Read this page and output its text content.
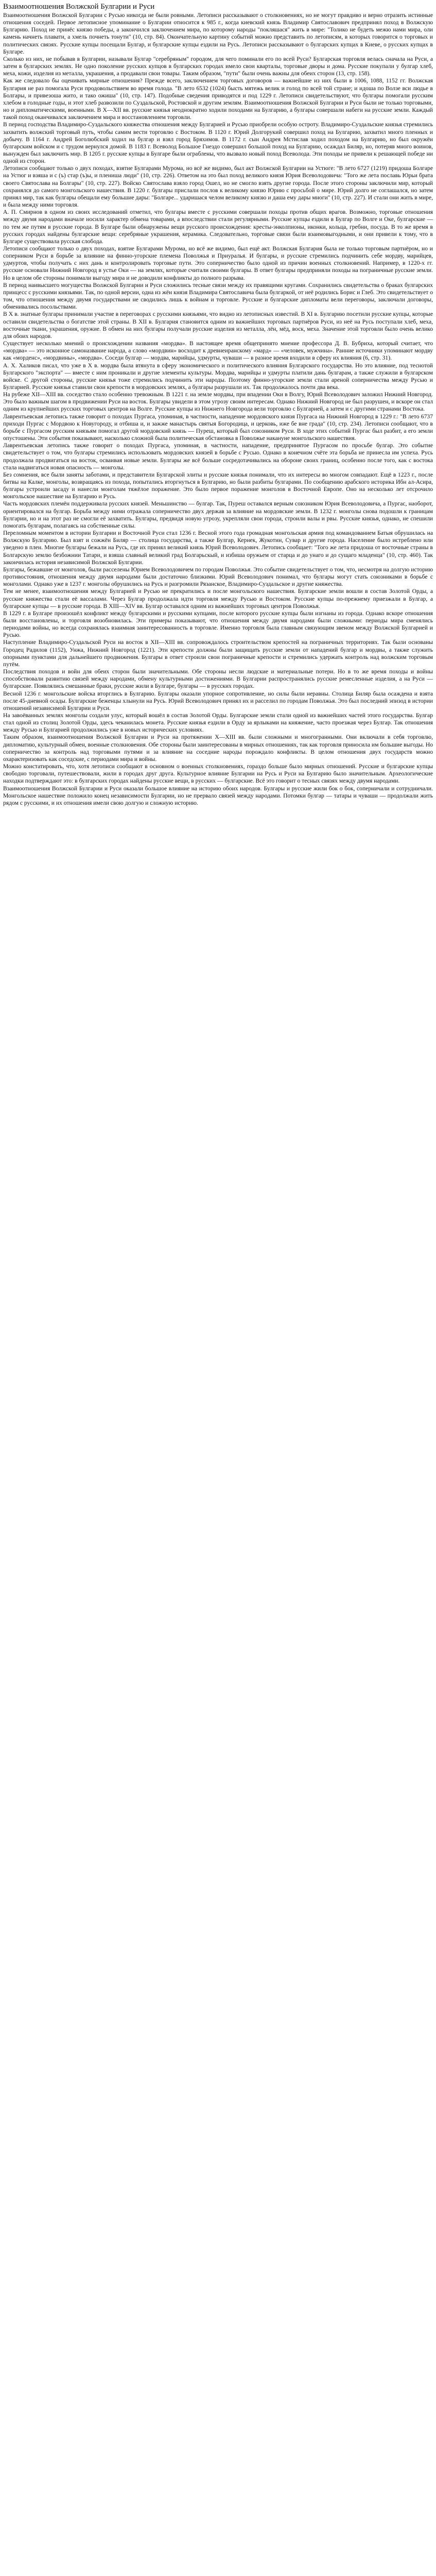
Взаимоотношения Волжской Булгарии и Руси

Взаимоотношения Волжской Булгарии с Русью никогда не были ровными. Летописи рассказывают о столкновениях, но не могут правдиво и верно отразить истинные отношения соседей. Первое летописное упоминание о Булгарии относится к 985 г., когда киевский князь Владимир Святославович предпринял поход в Волжскую Булгарию. Поход не принёс князю победы, а закончился заключением мира, по которому народы "покляшася" жить в мире: "Толико не будеть межю нами мира, оли камень начнеть плавати, а хмель почнеть тонути" (10, стр. 84). Окончательную картину событий можно представить по летописям, в которых говорится о торговых и политических связях. Русские купцы посещали Булгар, и булгарские купцы ездили на Русь. Летописи рассказывают о булгарских купцах в Киеве, о русских купцах в Булгаре.

Сколько из них, не побывав в Булгарии, называли Булгар "серебряным" городом, для чего поминали его по всей Руси? Булгарская торговля велась сначала на Руси, а затем в булгарских землях. Не одно поколение русских купцов в булгарских городах имело свои кварталы, торговые дворы и дома. Русские покупали у булгар хлеб, меха, кожи, изделия из металла, украшения, а продавали свои товары. Таким образом, "пути" были очень важны для обеих сторон (13, стр. 158).

Как же следовало бы оценивать мирные отношения? Прежде всего, заключением торговых договоров — важнейшие из них были в 1006, 1088, 1152 гг. Волжская Булгария не раз помогала Руси продовольствием во время голода. "В лето 6532 (1024) бысть мятежь велик и голод по всей той стране; и идоша по Волзе вси людье в Болгары, и привезоша жито, и тако ожиша" (10, стр. 147). Подобные сведения приводятся и под 1229 г. Летописи свидетельствуют, что булгары помогали русским хлебом в голодные годы, и этот хлеб развозили по Суздальской, Ростовской и другим землям. Взаимоотношения Волжской Булгарии и Руси были не только торговыми, но и дипломатическими, военными. В Х—ХII вв. русские князья неоднократно ходили походами на Булгарию, а булгары совершали набеги на русские земли. Каждый такой поход оканчивался заключением мира и восстановлением торговли.

В период господства Владимиро-Суздальского княжества отношения между Булгарией и Русью приобрели особую остроту. Владимиро-Суздальские князья стремились захватить волжский торговый путь, чтобы самим вести торговлю с Востоком. В 1120 г. Юрий Долгорукий совершил поход на Булгарию, захватил много пленных и добычу. В 1164 г. Андрей Боголюбский ходил на булгар и взял город Бряхимов. В 1172 г. сын Андрея Мстислав ходил походом на Булгарию, но был окружён булгарским войском и с трудом вернулся домой. В 1183 г. Всеволод Большое Гнездо совершил большой поход на Булгарию, осаждал Биляр, но, потеряв много воинов, вынужден был заключить мир. В 1205 г. русские купцы в Булгаре были ограблены, что вызвало новый поход Всеволода. Эти походы не привели к решающей победе ни одной из сторон.

Летописи сообщают только о двух походах, взятие Булгарами Мурома, но всё же видимо, был акт Волжской Булгарии на Устюге: "В лето 6727 (1219) придоша Болгаре на Устюг и взяша и с (ъ) стар (ъ)ы, и плениша люди" (10, стр. 226). Ответом на это был поход великого князя Юрия Всеволодовича: "Того же лета пославь Юрьи брата своего Святослава на Болгары" (10, стр. 227). Войско Святослава взяло город Ошел, но не смогло взять другие города. После этого стороны заключили мир, который сохранялся до самого монгольского нашествия. В 1220 г. булгары прислали послов к великому князю Юрию с просьбой о мире. Юрий долго не соглашался, но затем принял мир, так как булгары обещали ему большие дары: "Болгаре... ударишася челом великому князю и даша ему дары многи" (10, стр. 227). И стали они жить в мире, и была между ними торговля.

А. П. Смирнов в одном из своих исследований отметил, что булгары вместе с русскими совершали походы против общих врагов. Возможно, торговые отношения между двумя народами вначале носили характер обмена товарами, а впоследствии стали регулярными. Русские купцы ездили в Булгар по Волге и Оке, булгарские — по тем же путям в русские города. В Булгаре были обнаружены вещи русского происхождения: кресты-энколпионы, иконки, кольца, гребни, посуда. В то же время в русских городах найдены булгарские вещи: серебряные украшения, керамика. Следовательно, торговые связи были взаимовыгодными, и они привели к тому, что в Булгаре существовала русская слобода.

Летописи сообщают только о двух походах, взятие Булгарами Мурома, но всё же видимо, был ещё акт. Волжская Булгария была не только торговым партнёром, но и соперником Руси в борьбе за влияние на финно-угорские племена Поволжья и Приуралья. И булгары, и русские стремились подчинить себе мордву, марийцев, удмуртов, чтобы получать с них дань и контролировать торговые пути. Это соперничество было одной из причин военных столкновений. Например, в 1220-х гг. русские основали Нижний Новгород в устье Оки — на землях, которые считали своими булгары. В ответ булгары предприняли походы на пограничные русские земли. Но в целом обе стороны понимали выгоду мира и не доводили конфликты до полного разрыва.

В период наивысшего могущества Волжской Булгарии и Руси сложились тесные связи между их правящими кругами. Сохранились свидетельства о браках булгарских принцесс с русскими князьями. Так, по одной версии, одна из жён князя Владимира Святославича была булгаркой, от неё родились Борис и Глеб. Это свидетельствует о том, что отношения между двумя государствами не сводились лишь к войнам и торговле. Русские и булгарские дипломаты вели переговоры, заключали договоры, обменивались посольствами.

В X в. знатные булгары принимали участие в переговорах с русскими князьями, что видно из летописных известий. В XI в. Булгарию посетили русские купцы, которые оставили свидетельства о богатстве этой страны. В XII в. Булгария становится одним из важнейших торговых партнёров Руси, из неё на Русь поступали хлеб, меха, восточные ткани, украшения, оружие. В обмен на них булгары получали русские изделия из металла, лён, мёд, воск, меха. Значение этой торговли было очень велико для обоих народов.

Существует несколько мнений о происхождении названия «мордва». В настоящее время общепринято мнение профессора Д. В. Бубриха, который считает, что «мордва» — это исконное самоназвание народа, а слово «мордвин» восходит к древнеиранскому «мард» — «человек, мужчина». Ранние источники упоминают мордву как «морденс», «мордвины», «мордва». Соседи булгар — мордва, марийцы, удмурты, чуваши — в разное время входили в сферу их влияния (6, стр. 31).

А. Х. Халиков писал, что уже в Х в. мордва была втянута в сферу экономического и политического влияния Булгарского государства. Но это влияние, под теснотой Булгарского "экспорта" — вместе с ним проникали и другие элементы культуры. Мордва, марийцы и удмурты платили дань булгарам, а также служили в булгарском войске. С другой стороны, русские князья тоже стремились подчинить эти народы. Поэтому финно-угорские земли стали ареной соперничества между Русью и Булгарией. Русские князья ставили свои крепости в мордовских землях, а булгары разрушали их. Так продолжалось почти два века.

На рубеже XII—XIII вв. соседство стало особенно тревожным. В 1221 г. на земле мордвы, при впадении Оки в Волгу, Юрий Всеволодович заложил Нижний Новгород. Это было важным шагом в продвижении Руси на восток. Булгары увидели в этом угрозу своим интересам. Однако Нижний Новгород не был разрушен, и вскоре он стал одним из крупнейших русских торговых центров на Волге. Русские купцы из Нижнего Новгорода вели торговлю с Булгарией, а затем и с другими странами Востока.

Лаврентьевская летопись также говорит о походах Пургаса, упоминая, в частности, нападение мордовского князя Пургаса на Нижний Новгород в 1229 г.: "В лето 6737 приходи Пургас с Мордвою к Новугороду, и отбиша и, и зажже манастырь святыя Богородица, и церковь, иже бе вне града" (10, стр. 234). Летописи сообщают, что в борьбе с Пургасом русским князьям помогал другой мордовский князь — Пуреш, который был союзником Руси. В ходе этих событий Пургас был разбит, а его земли опустошены. Эти события показывают, насколько сложной была политическая обстановка в Поволжье накануне монгольского нашествия.

Лаврентьевская летопись также говорит о походах Пургаса, упоминая, в частности, нападение, предпринятое Пургасом по просьбе булгар. Это событие свидетельствует о том, что булгары стремились использовать мордовских князей в борьбе с Русью. Однако в конечном счёте эта борьба не принесла им успеха. Русь продолжала продвигаться на восток, осваивая новые земли. Булгары же всё больше сосредотачивались на обороне своих границ, особенно после того, как с востока стала надвигаться новая опасность — монголы.

Без сомнения, все были заняты заботами, и представители Булгарской элиты и русские князья понимали, что их интересы во многом совпадают. Ещё в 1223 г., после битвы на Калке, монголы, возвращаясь из похода, попытались вторгнуться в Булгарию, но были разбиты булгарами. По сообщению арабского историка Ибн ал-Асира, булгары устроили засаду и нанесли монголам тяжёлое поражение. Это было первое поражение монголов в Восточной Европе. Оно на несколько лет отсрочило монгольское нашествие на Булгарию и Русь.

Часть мордовских племён поддерживала русских князей. Меньшинство — булгар. Так, Пуреш оставался верным союзником Юрия Всеволодовича, а Пургас, наоборот, ориентировался на булгар. Борьба между ними отражала соперничество двух держав за влияние на мордовские земли. В 1232 г. монголы снова подошли к границам Булгарии, но и на этот раз не смогли её захватить. Булгары, предвидя новую угрозу, укрепляли свои города, строили валы и рвы. Русские князья, однако, не спешили помогать булгарам, полагаясь на собственные силы.

Переломным моментом в истории Булгарии и Восточной Руси стал 1236 г. Весной этого года громадная монгольская армия под командованием Батыя обрушилась на Волжскую Булгарию. Был взят и сожжён Биляр — столица государства, а также Булгар, Кернек, Жукотин, Сувар и другие города. Население было истреблено или уведено в плен. Многие булгары бежали на Русь, где их принял великий князь Юрий Всеволодович. Летопись сообщает: "Того же лета придоша от восточные страны в Болгарскую землю безбожнии Татари, и взяша славный великий град Болгарьскый, и избиша оружьем от старца и до унаго и до сущаго младенца" (10, стр. 460). Так закончилась история независимой Волжской Булгарии.

Булгары, бежавшие от монголов, были расселены Юрием Всеволодовичем по городам Поволжья. Это событие свидетельствует о том, что, несмотря на долгую историю противостояния, отношения между двумя народами были достаточно близкими. Юрий Всеволодович понимал, что булгары могут стать союзниками в борьбе с монголами. Однако уже в 1237 г. монголы обрушились на Русь и разгромили Рязанское, Владимиро-Суздальское и другие княжества.

Тем не менее, взаимоотношения между Булгарией и Русью не прекратились и после монгольского нашествия. Булгарские земли вошли в состав Золотой Орды, а русские княжества стали её вассалами. Через Булгар продолжала идти торговля между Русью и Востоком. Русские купцы по-прежнему приезжали в Булгар, а булгарские купцы — в русские города. В XIII—XIV вв. Булгар оставался одним из важнейших торговых центров Поволжья.

В 1229 г. в Булгаре произошёл конфликт между булгарскими и русскими купцами, после которого русские купцы были изгнаны из города. Однако вскоре отношения были восстановлены, и торговля возобновилась. Эти примеры показывают, что отношения между двумя народами были сложными: периоды мира сменялись периодами войны, но всегда сохранялась взаимная заинтересованность в торговле. Именно торговля была главным связующим звеном между Волжской Булгарией и Русью.

Наступление Владимиро-Суздальской Руси на восток в XII—XIII вв. сопровождалось строительством крепостей на пограничных территориях. Так были основаны Городец Радилов (1152), Унжа, Нижний Новгород (1221). Эти крепости должны были защищать русские земли от нападений булгар и мордвы, а также служить опорными пунктами для дальнейшего продвижения. Булгары в ответ строили свои пограничные крепости и стремились удержать контроль над волжским торговым путём.

Последствия походов и войн для обеих сторон были значительными. Обе стороны несли людские и материальные потери. Но в то же время походы и войны способствовали развитию связей между народами, обмену культурными достижениями. В Булгарии распространялись русские ремесленные изделия, а на Руси — булгарские. Появлялись смешанные браки, русские жили в Булгаре, булгары — в русских городах.

Весной 1236 г. монгольские войска вторглись в Булгарию. Булгары оказали упорное сопротивление, но силы были неравны. Столица Биляр была осаждена и взята после 45-дневной осады. Булгарские беженцы хлынули на Русь. Юрий Всеволодович принял их и расселил по городам Поволжья. Это был последний эпизод в истории отношений независимой Булгарии и Руси.

На завоёванных землях монголы создали улус, который вошёл в состав Золотой Орды. Булгарские земли стали одной из важнейших частей этого государства. Булгар стал одной из столиц Золотой Орды, здесь чеканилась монета. Русские князья ездили в Орду за ярлыками на княжение, часто проезжая через Булгар. Так отношения между Русью и Булгарией продолжились уже в новых исторических условиях.

Таким образом, взаимоотношения Волжской Булгарии и Руси на протяжении X—XIII вв. были сложными и многогранными. Они включали в себя торговлю, дипломатию, культурный обмен, военные столкновения. Обе стороны были заинтересованы в мирных отношениях, так как торговля приносила им большие выгоды. Но соперничество за контроль над торговыми путями и за влияние на соседние народы порождало конфликты. В целом отношения двух государств можно охарактеризовать как соседские, с периодами мира и войны.

Можно констатировать, что, хотя летописи сообщают в основном о военных столкновениях, гораздо больше было мирных отношений. Русские и булгарские купцы свободно торговали, путешествовали, жили в городах друг друга. Культурное влияние Булгарии на Русь и Руси на Булгарию было значительным. Археологические находки подтверждают это: в булгарских городах найдены русские вещи, в русских — булгарские. Всё это говорит о тесных связях между двумя народами.

Взаимоотношения Волжской Булгарии и Руси оказали большое влияние на историю обоих народов. Булгары и русские жили бок о бок, соперничали и сотрудничали. Монгольское нашествие положило конец независимости Булгарии, но не прервало связей между народами. Потомки булгар — татары и чуваши — продолжали жить рядом с русскими, и их отношения имели свою долгую и сложную историю.
